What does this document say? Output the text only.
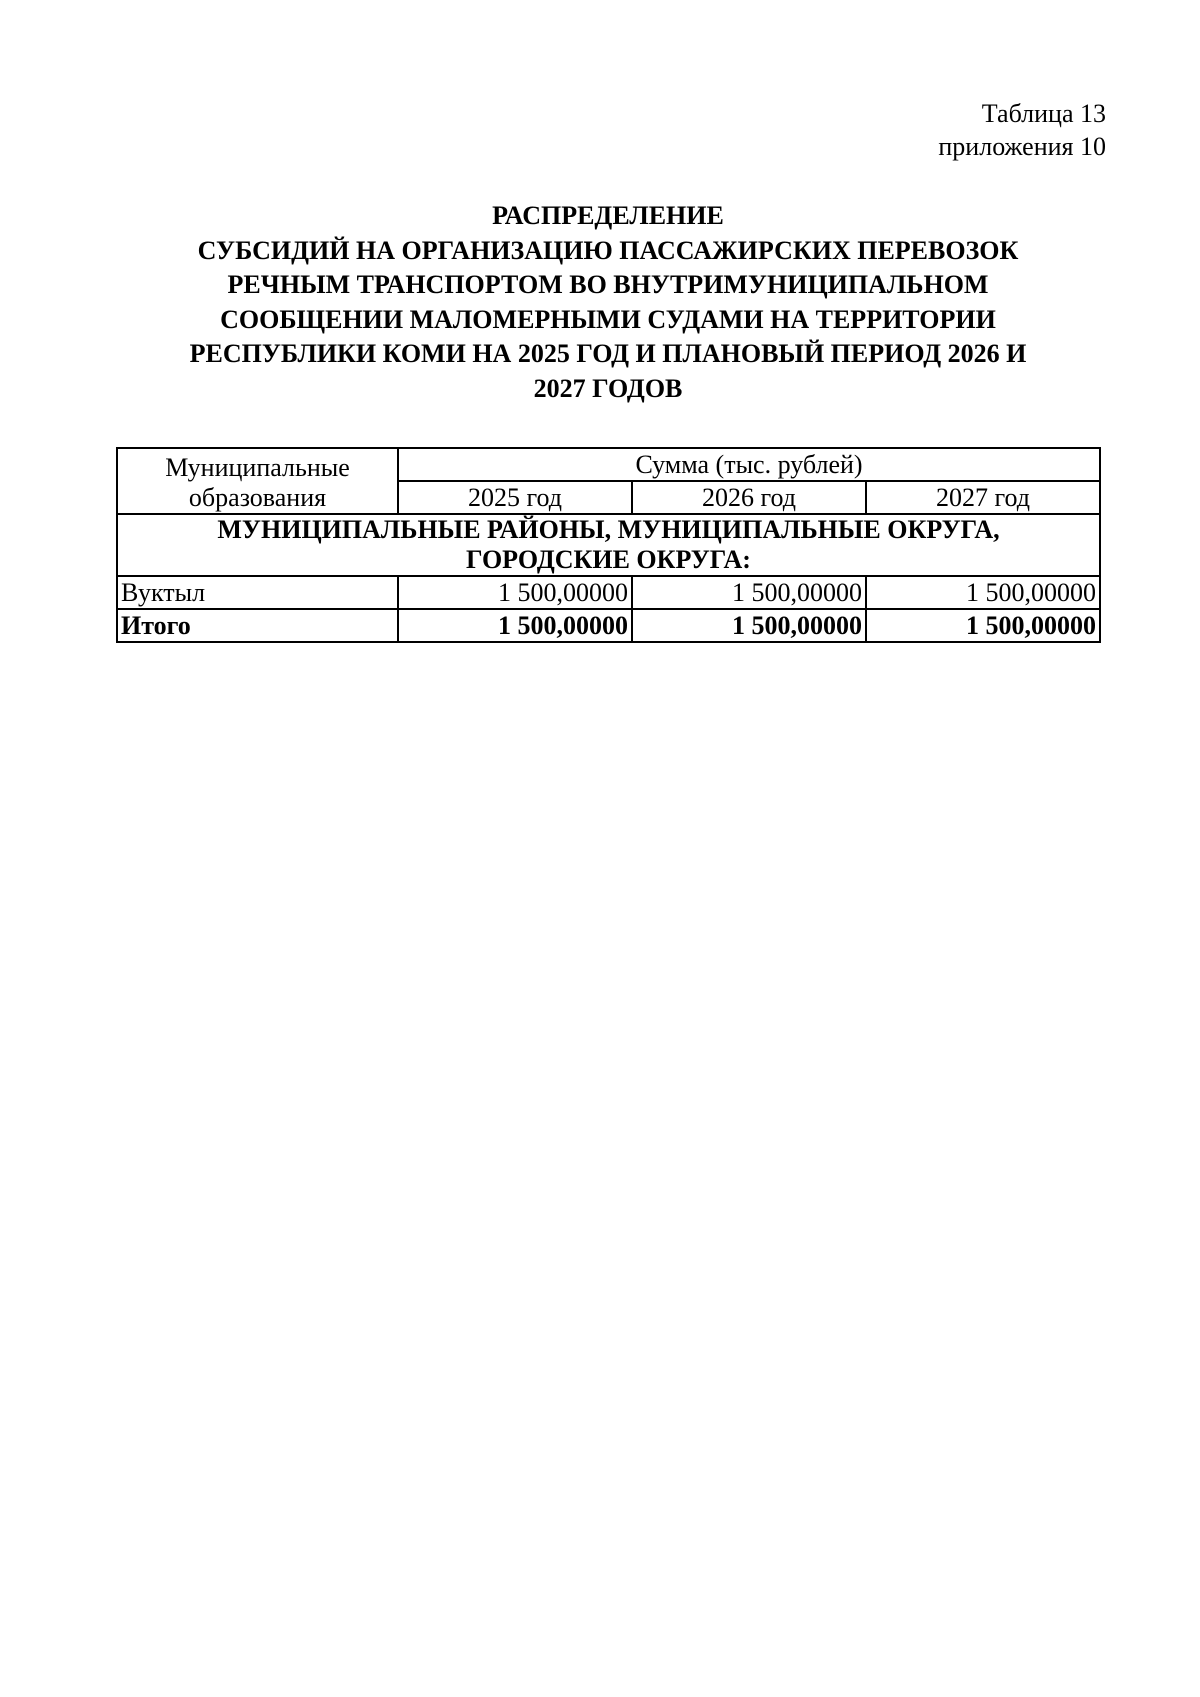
Таблица 13
приложения 10
РАСПРЕДЕЛЕНИЕ
СУБСИДИЙ НА ОРГАНИЗАЦИЮ ПАССАЖИРСКИХ ПЕРЕВОЗОК
РЕЧНЫМ ТРАНСПОРТОМ ВО ВНУТРИМУНИЦИПАЛЬНОМ
СООБЩЕНИИ МАЛОМЕРНЫМИ СУДАМИ НА ТЕРРИТОРИИ
РЕСПУБЛИКИ КОМИ НА 2025 ГОД И ПЛАНОВЫЙ ПЕРИОД 2026 И
2027 ГОДОВ
Муниципальные
образования	Сумма (тыс. рублей)		
	2025 год	2026 год	2027 год

МУНИЦИПАЛЬНЫЕ РАЙОНЫ, МУНИЦИПАЛЬНЫЕ ОКРУГА,
ГОРОДСКИЕ ОКРУГА:			

Вуктыл	1 500,00000	1 500,00000	1 500,00000
Итого	1 500,00000	1 500,00000	1 500,00000
